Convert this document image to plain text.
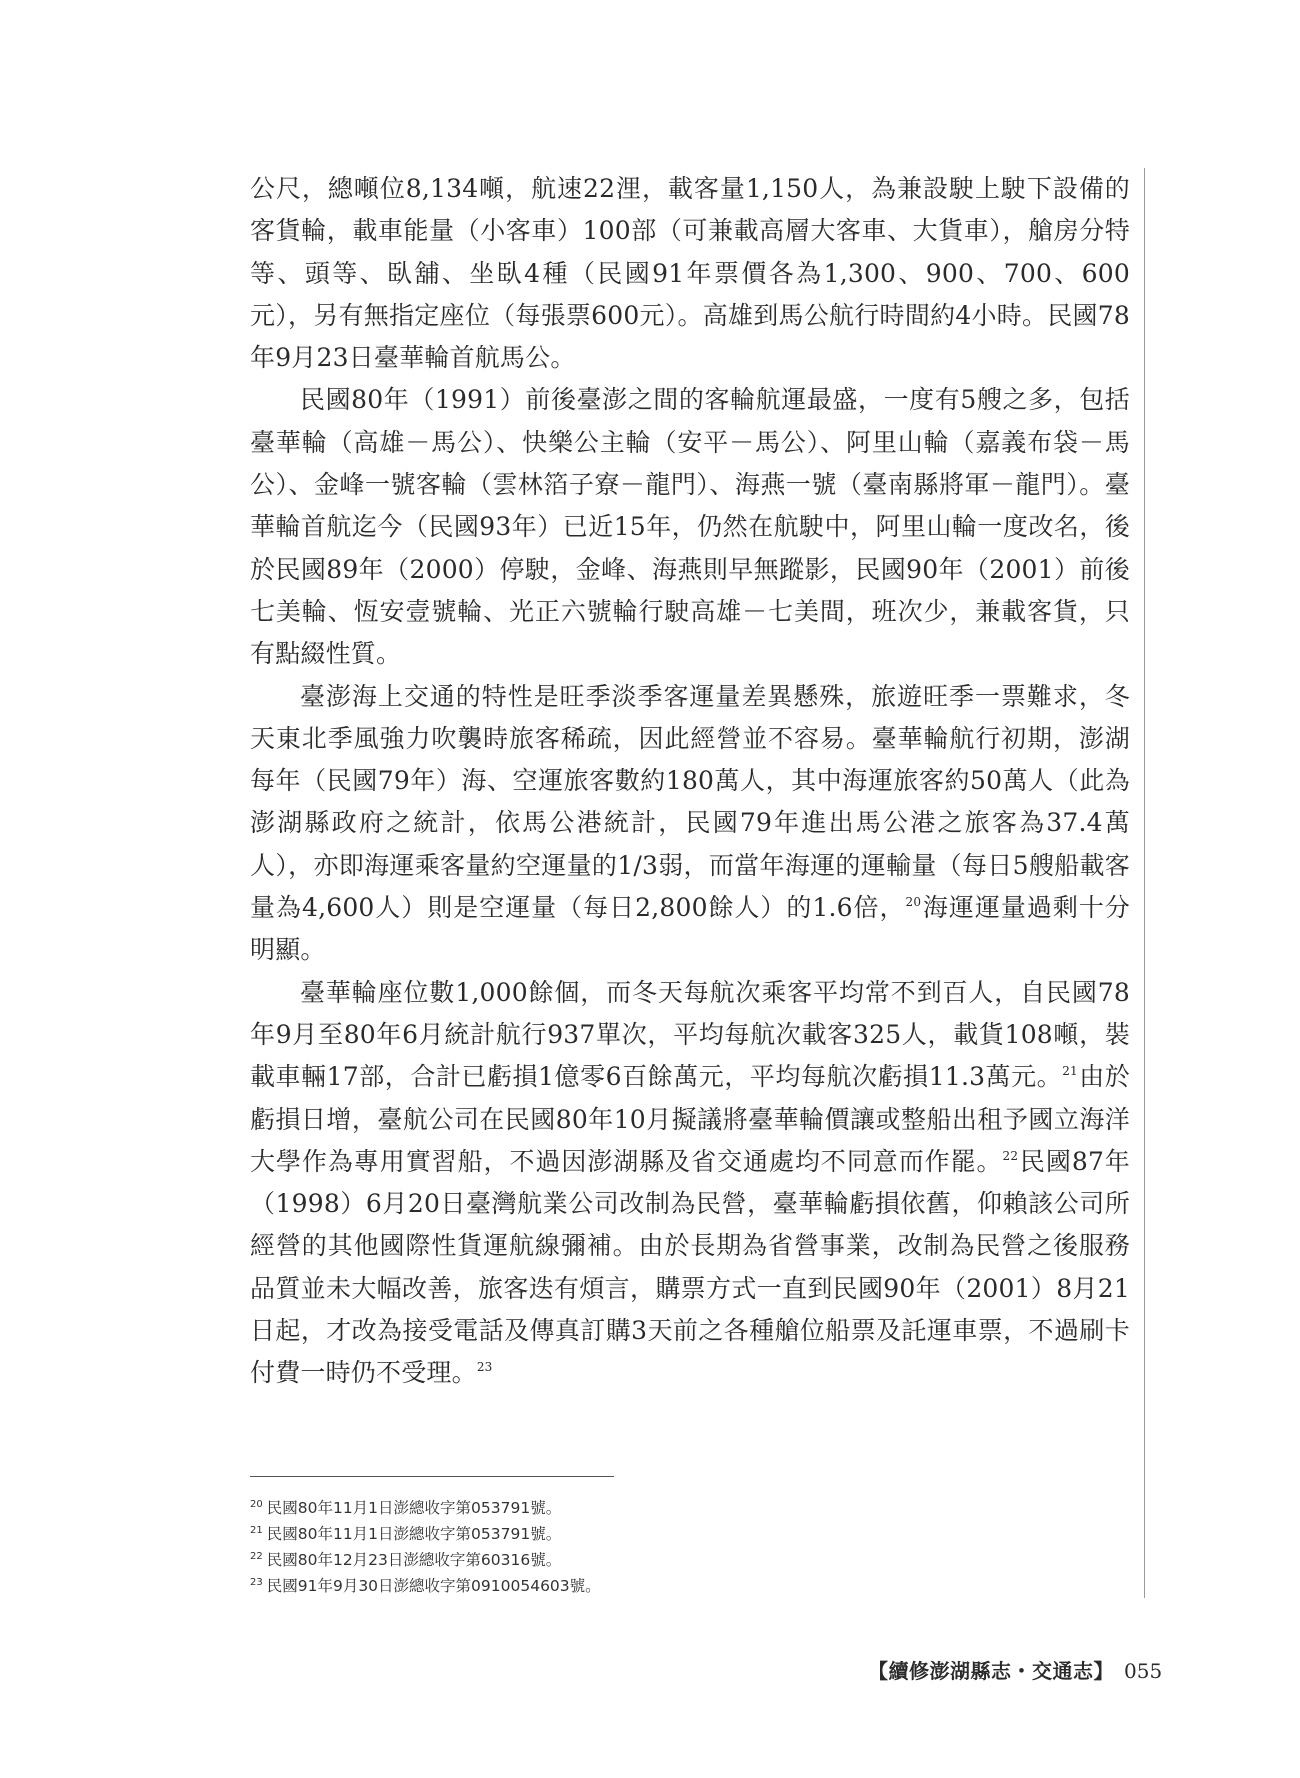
公尺，總噸位8,134噸，航速22浬，載客量1,150人，為兼設駛上駛下設備的客貨輪，載車能量（小客車）100部（可兼載高層大客車、大貨車），艙房分特等、頭等、臥舖、坐臥4種（民國91年票價各為1,300、900、700、600元），另有無指定座位（每張票600元）。高雄到馬公航行時間約4小時。民國78年9月23日臺華輪首航馬公。

民國80年（1991）前後臺澎之間的客輪航運最盛，一度有5艘之多，包括臺華輪（高雄－馬公）、快樂公主輪（安平－馬公）、阿里山輪（嘉義布袋－馬公）、金峰一號客輪（雲林箔子寮－龍門）、海燕一號（臺南縣將軍－龍門）。臺華輪首航迄今（民國93年）已近15年，仍然在航駛中，阿里山輪一度改名，後於民國89年（2000）停駛，金峰、海燕則早無蹤影，民國90年（2001）前後七美輪、恆安壹號輪、光正六號輪行駛高雄－七美間，班次少，兼載客貨，只有點綴性質。

臺澎海上交通的特性是旺季淡季客運量差異懸殊，旅遊旺季一票難求，冬天東北季風強力吹襲時旅客稀疏，因此經營並不容易。臺華輪航行初期，澎湖每年（民國79年）海、空運旅客數約180萬人，其中海運旅客約50萬人（此為澎湖縣政府之統計，依馬公港統計，民國79年進出馬公港之旅客為37.4萬人），亦即海運乘客量約空運量的1/3弱，而當年海運的運輸量（每日5艘船載客量為4,600人）則是空運量（每日2,800餘人）的1.6倍，$^{20}$海運運量過剩十分明顯。

臺華輪座位數1,000餘個，而冬天每航次乘客平均常不到百人，自民國78年9月至80年6月統計航行937單次，平均每航次載客325人，載貨108噸，裝載車輛17部，合計已虧損1億零6百餘萬元，平均每航次虧損11.3萬元。$^{21}$由於虧損日增，臺航公司在民國80年10月擬議將臺華輪價讓或整船出租予國立海洋大學作為專用實習船，不過因澎湖縣及省交通處均不同意而作罷。$^{22}$民國87年（1998）6月20日臺灣航業公司改制為民營，臺華輪虧損依舊，仰賴該公司所經營的其他國際性貨運航線彌補。由於長期為省營事業，改制為民營之後服務品質並未大幅改善，旅客迭有煩言，購票方式一直到民國90年（2001）8月21日起，才改為接受電話及傳真訂購3天前之各種艙位船票及託運車票，不過刷卡付費一時仍不受理。$^{23}$

$^{20}$ 民國80年11月1日澎總收字第053791號。
$^{21}$ 民國80年11月1日澎總收字第053791號。
$^{22}$ 民國80年12月23日澎總收字第60316號。
$^{23}$ 民國91年9月30日澎總收字第0910054603號。
【續修澎湖縣志・交通志】 055
